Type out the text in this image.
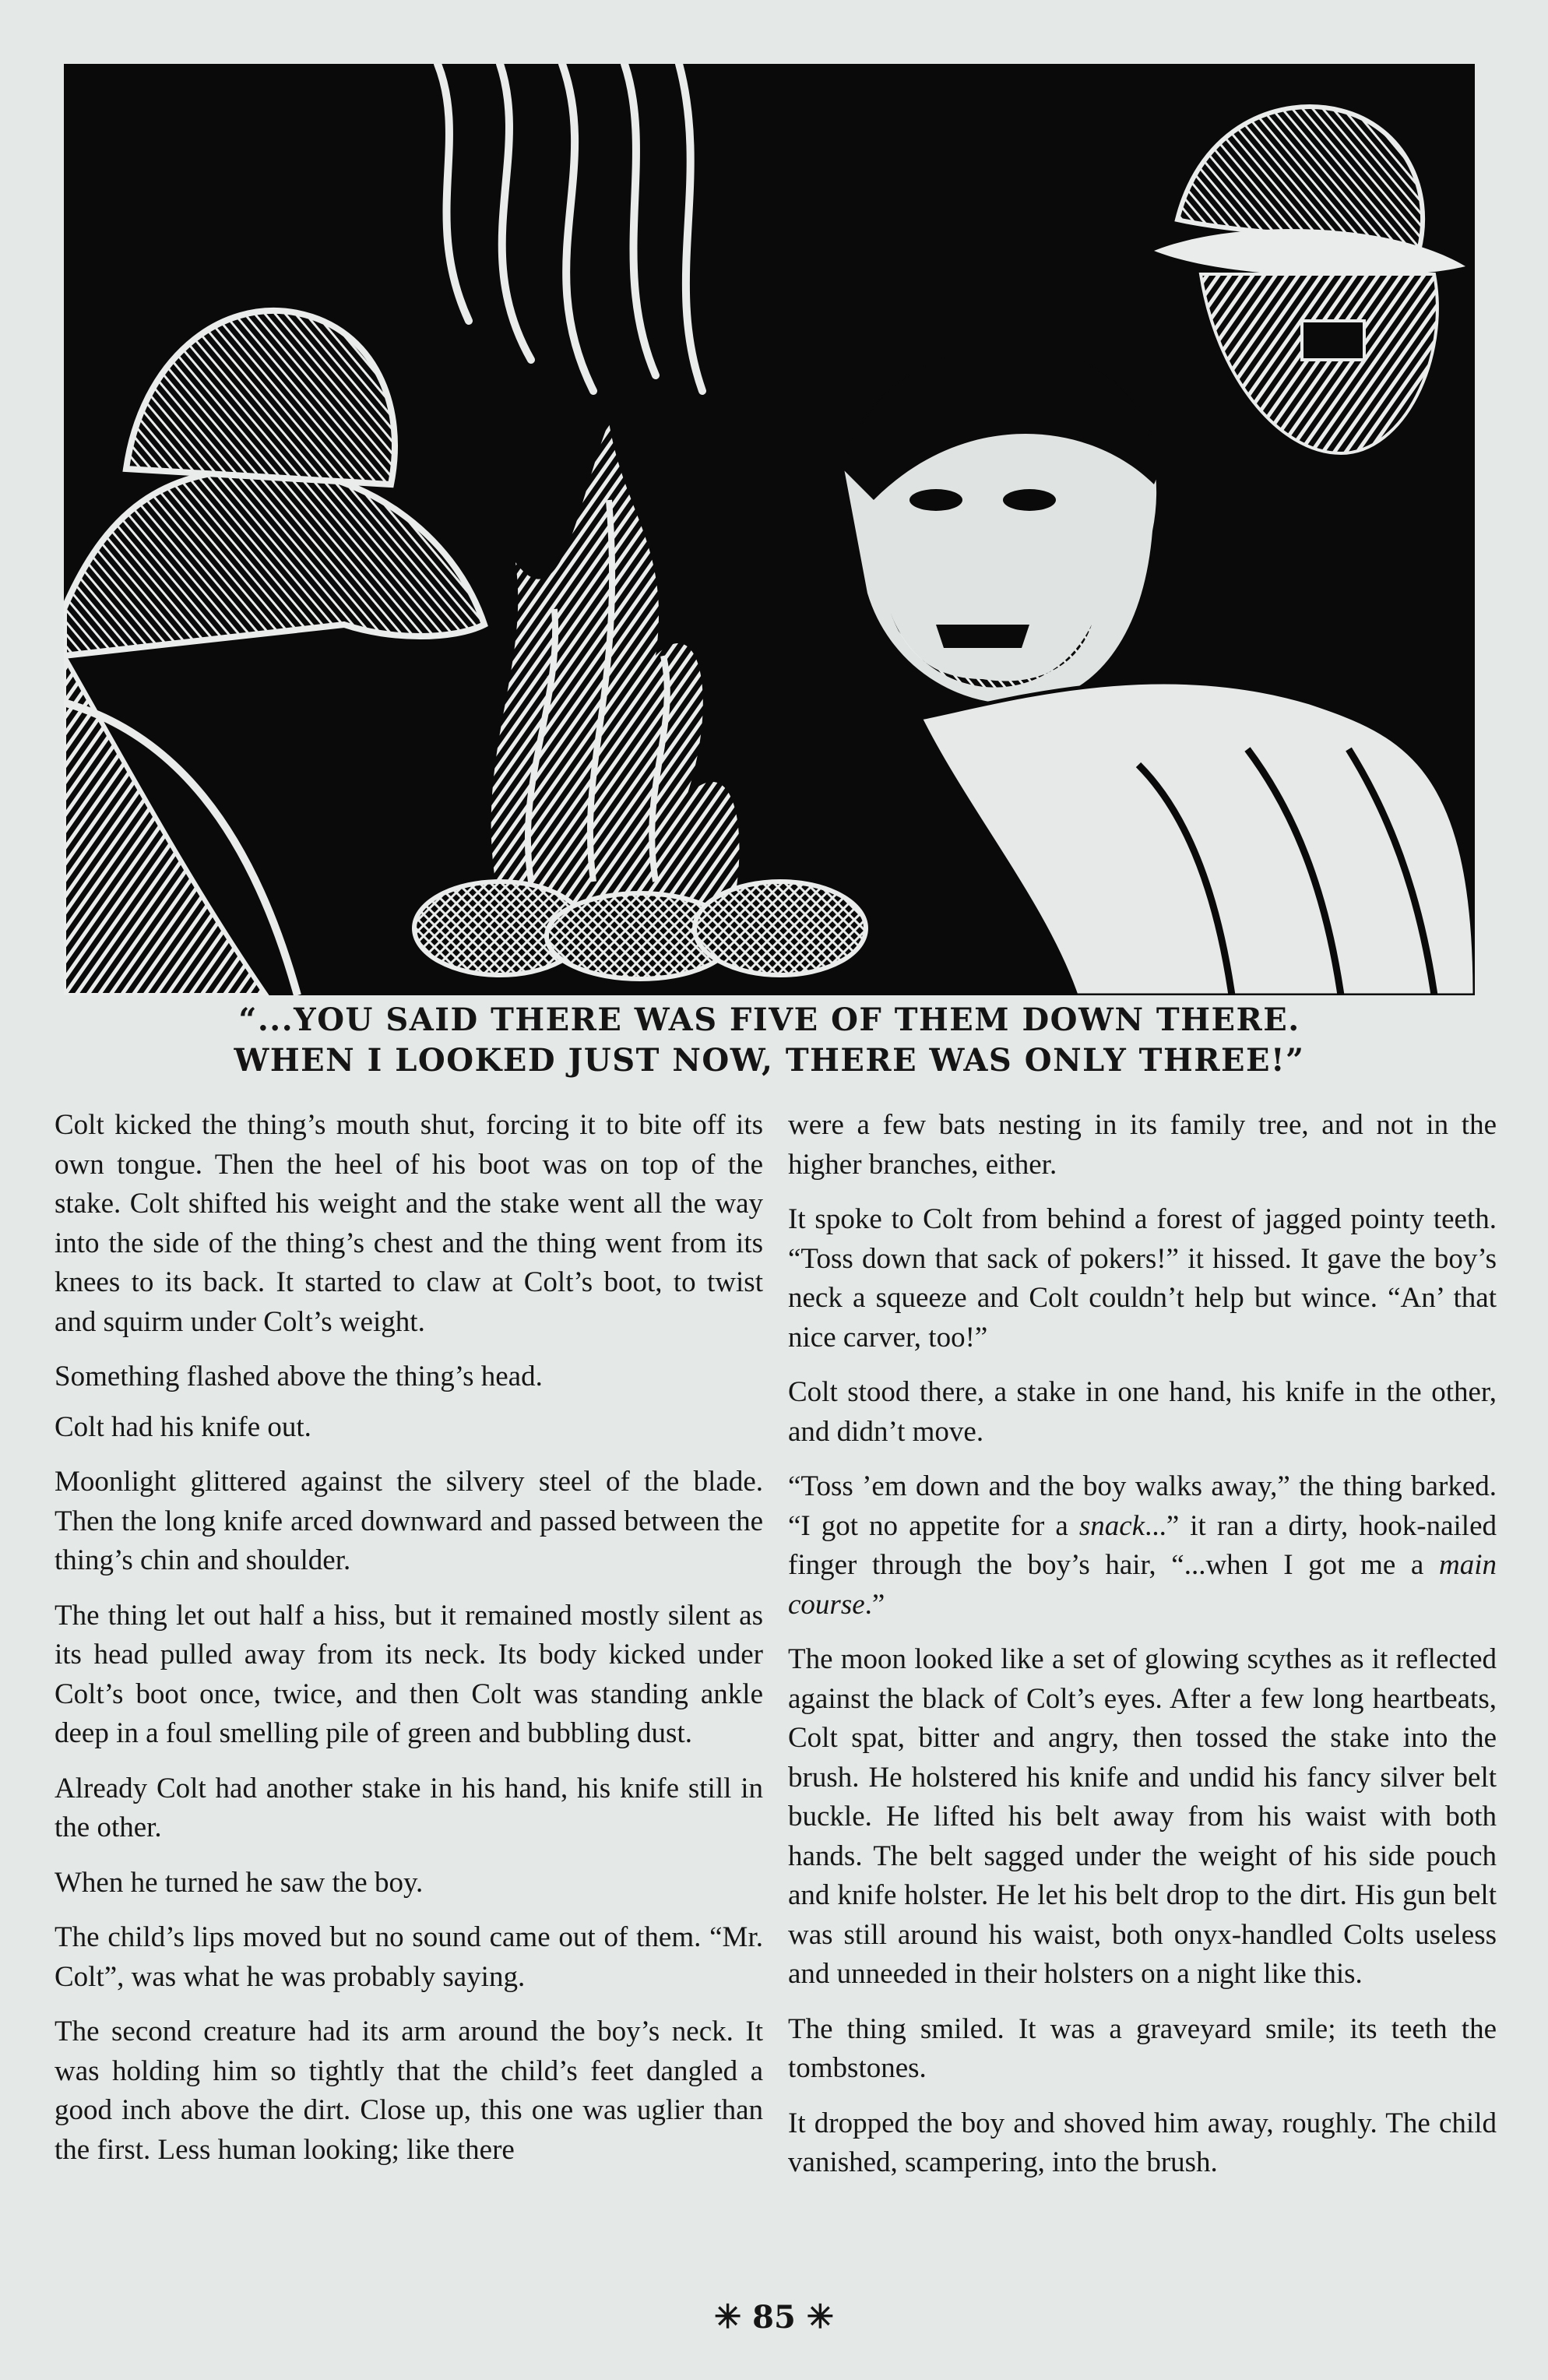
“...YOU SAID THERE WAS FIVE OF THEM DOWN THERE.
WHEN I LOOKED JUST NOW, THERE WAS ONLY THREE!”

Colt kicked the thing’s mouth shut, forcing it to bite off its own tongue. Then the heel of his boot was on top of the stake. Colt shifted his weight and the stake went all the way into the side of the thing’s chest and the thing went from its knees to its back. It started to claw at Colt’s boot, to twist and squirm under Colt’s weight.

Something flashed above the thing’s head.

Colt had his knife out.

Moonlight glittered against the silvery steel of the blade. Then the long knife arced downward and passed between the thing’s chin and shoulder.

The thing let out half a hiss, but it remained mostly silent as its head pulled away from its neck. Its body kicked under Colt’s boot once, twice, and then Colt was standing ankle deep in a foul smelling pile of green and bubbling dust.

Already Colt had another stake in his hand, his knife still in the other.

When he turned he saw the boy.

The child’s lips moved but no sound came out of them. “Mr. Colt”, was what he was probably saying.

The second creature had its arm around the boy’s neck. It was holding him so tightly that the child’s feet dangled a good inch above the dirt. Close up, this one was uglier than the first. Less human looking; like there

were a few bats nesting in its family tree, and not in the higher branches, either.

It spoke to Colt from behind a forest of jagged pointy teeth. “Toss down that sack of pokers!” it hissed. It gave the boy’s neck a squeeze and Colt couldn’t help but wince. “An’ that nice carver, too!”

Colt stood there, a stake in one hand, his knife in the other, and didn’t move.

“Toss ’em down and the boy walks away,” the thing barked. “I got no appetite for a snack...” it ran a dirty, hook-nailed finger through the boy’s hair, “...when I got me a main course.”

The moon looked like a set of glowing scythes as it reflected against the black of Colt’s eyes. After a few long heartbeats, Colt spat, bitter and angry, then tossed the stake into the brush. He holstered his knife and undid his fancy silver belt buckle. He lifted his belt away from his waist with both hands. The belt sagged under the weight of his side pouch and knife holster. He let his belt drop to the dirt. His gun belt was still around his waist, both onyx-handled Colts useless and unneeded in their holsters on a night like this.

The thing smiled. It was a graveyard smile; its teeth the tombstones.

It dropped the boy and shoved him away, roughly. The child vanished, scampering, into the brush.

✳ 85 ✳
